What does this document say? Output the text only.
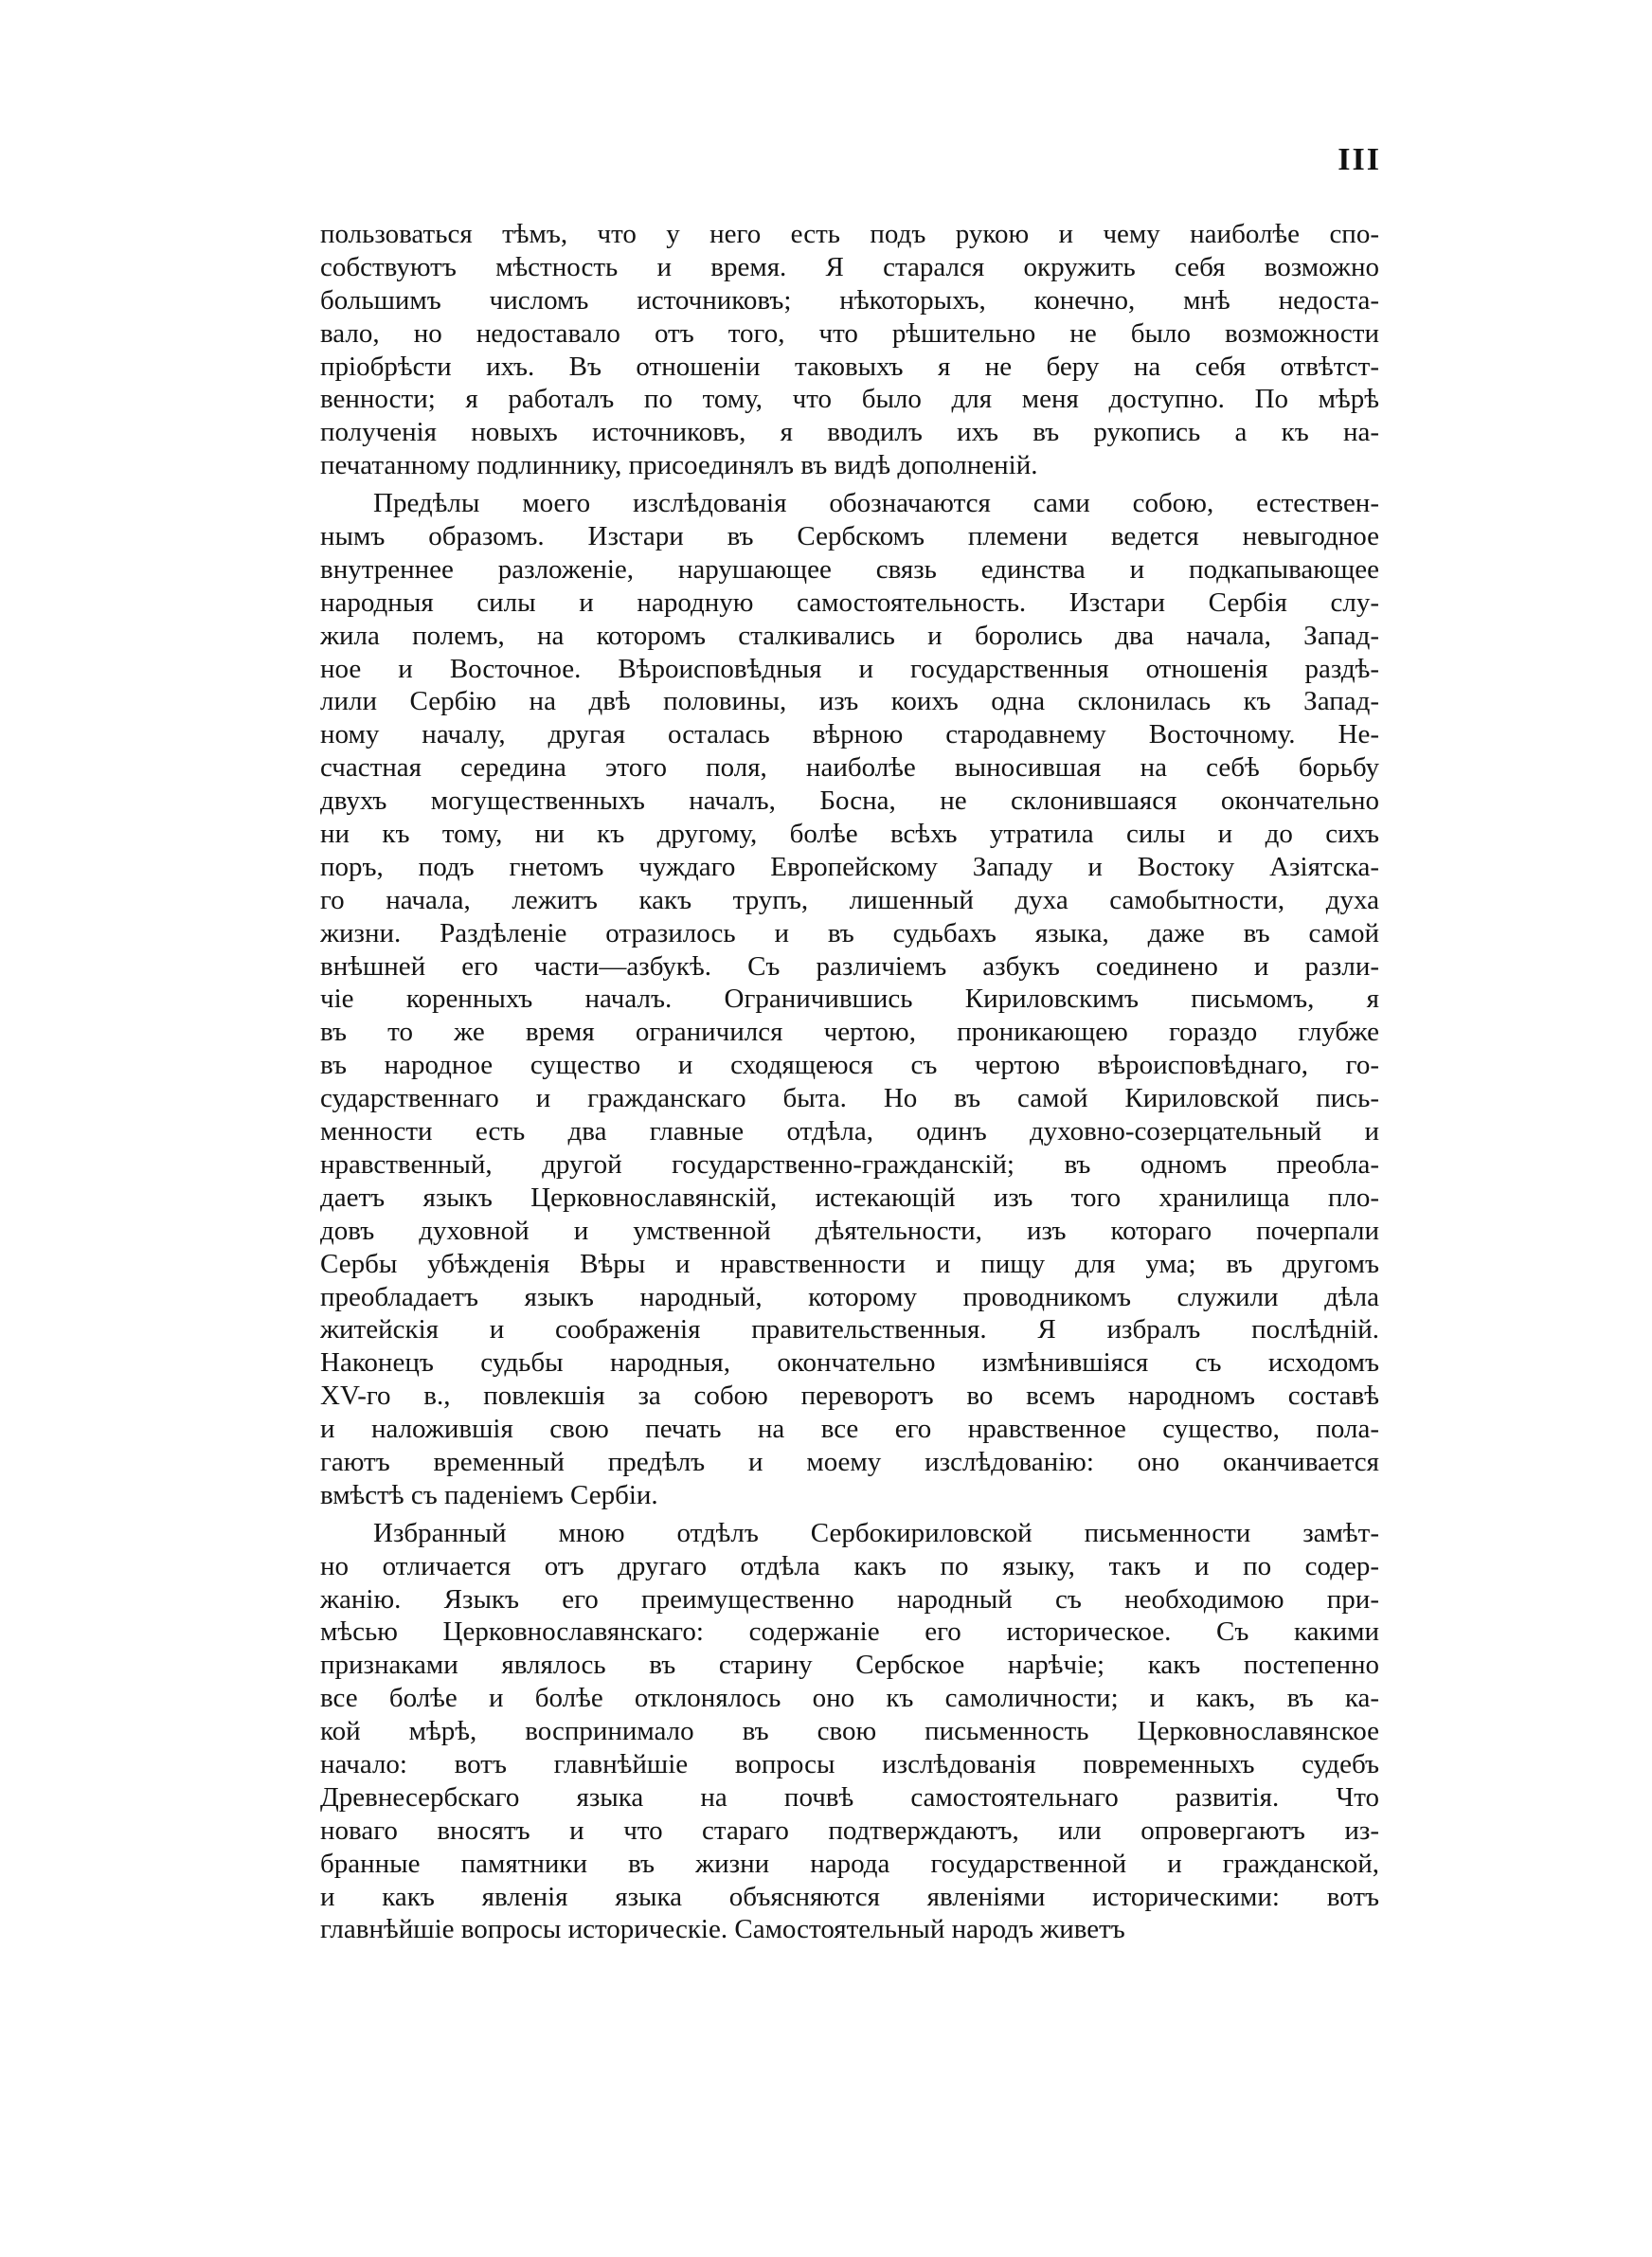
III
пользоваться тѣмъ, что у него есть подъ рукою и чему наиболѣе спо-
собствуютъ мѣстность и время. Я старался окружить себя возможно
большимъ числомъ источниковъ; нѣкоторыхъ, конечно, мнѣ недоста-
вало, но недоставало отъ того, что рѣшительно не было возможности
пріобрѣсти ихъ. Въ отношеніи таковыхъ я не беру на себя отвѣтст-
венности; я работалъ по тому, что было для меня доступно. По мѣрѣ
полученія новыхъ источниковъ, я вводилъ ихъ въ рукопись а къ на-
печатанному подлиннику, присоединялъ въ видѣ дополненій.
Предѣлы моего изслѣдованія обозначаются сами собою, естествен-
нымъ образомъ. Изстари въ Сербскомъ племени ведется невыгодное
внутреннее разложеніе, нарушающее связь единства и подкапывающее
народныя силы и народную самостоятельность. Изстари Сербія слу-
жила полемъ, на которомъ сталкивались и боролись два начала, Запад-
ное и Восточное. Вѣроисповѣдныя и государственныя отношенія раздѣ-
лили Сербію на двѣ половины, изъ коихъ одна склонилась къ Запад-
ному началу, другая осталась вѣрною стародавнему Восточному. Не-
счастная середина этого поля, наиболѣе выносившая на себѣ борьбу
двухъ могущественныхъ началъ, Босна, не склонившаяся окончательно
ни къ тому, ни къ другому, болѣе всѣхъ утратила силы и до сихъ
поръ, подъ гнетомъ чуждаго Европейскому Западу и Востоку Азіятска-
го начала, лежитъ какъ трупъ, лишенный духа самобытности, духа
жизни. Раздѣленіе отразилось и въ судьбахъ языка, даже въ самой
внѣшней его части—азбукѣ. Съ различіемъ азбукъ соединено и разли-
чіе коренныхъ началъ. Ограничившись Кириловскимъ письмомъ, я
въ то же время ограничился чертою, проникающею гораздо глубже
въ народное существо и сходящеюся съ чертою вѣроисповѣднаго, го-
сударственнаго и гражданскаго быта. Но въ самой Кириловской пись-
менности есть два главные отдѣла, одинъ духовно-созерцательный и
нравственный, другой государственно-гражданскій; въ одномъ преобла-
даетъ языкъ Церковнославянскій, истекающій изъ того хранилища пло-
довъ духовной и умственной дѣятельности, изъ котораго почерпали
Сербы убѣжденія Вѣры и нравственности и пищу для ума; въ другомъ
преобладаетъ языкъ народный, которому проводникомъ служили дѣла
житейскія и соображенія правительственныя. Я избралъ послѣдній.
Наконецъ судьбы народныя, окончательно измѣнившіяся съ исходомъ
XV-го в., повлекшія за собою переворотъ во всемъ народномъ составѣ
и наложившія свою печать на все его нравственное существо, пола-
гаютъ временный предѣлъ и моему изслѣдованію: оно оканчивается
вмѣстѣ съ паденіемъ Сербіи.
Избранный мною отдѣлъ Сербокириловской письменности замѣт-
но отличается отъ другаго отдѣла какъ по языку, такъ и по содер-
жанію. Языкъ его преимущественно народный съ необходимою при-
мѣсью Церковнославянскаго: содержаніе его историческое. Съ какими
признаками являлось въ старину Сербское нарѣчіе; какъ постепенно
все болѣе и болѣе отклонялось оно къ самоличности; и какъ, въ ка-
кой мѣрѣ, воспринимало въ свою письменность Церковнославянское
начало: вотъ главнѣйшіе вопросы изслѣдованія повременныхъ судебъ
Древнесербскаго языка на почвѣ самостоятельнаго развитія. Что
новаго вносятъ и что стараго подтверждаютъ, или опровергаютъ из-
бранные памятники въ жизни народа государственной и гражданской,
и какъ явленія языка объясняются явленіями историческими: вотъ
главнѣйшіе вопросы историческіе. Самостоятельный народъ живетъ
